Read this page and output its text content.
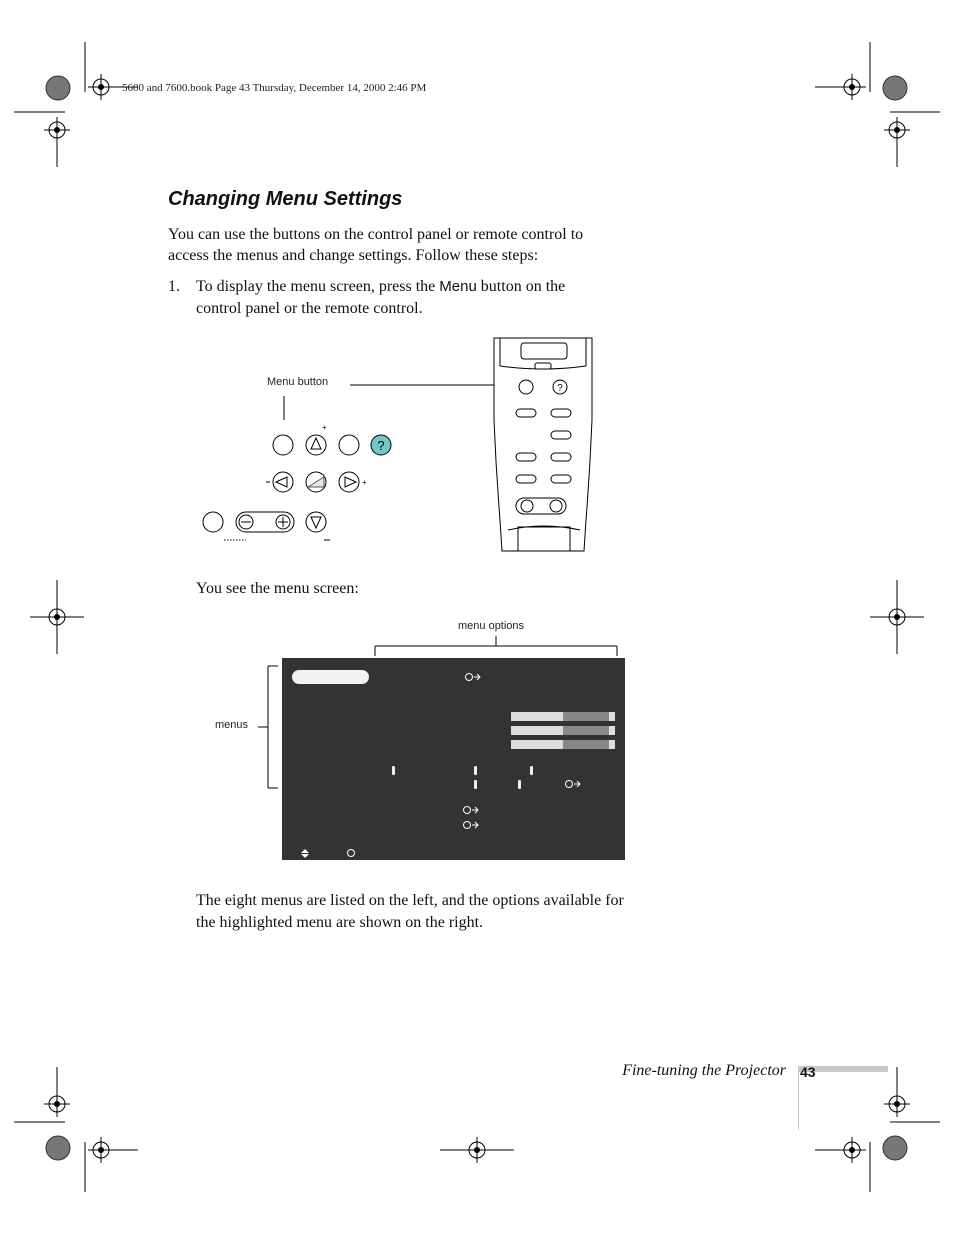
5600 and 7600.book Page 43 Thursday, December 14, 2000 2:46 PM
Changing Menu Settings
You can use the buttons on the control panel or remote control to access the menus and change settings. Follow these steps:
1. To display the menu screen, press the Menu button on the control panel or the remote control.
Menu button
+
+
?
?
You see the menu screen:
menu options
menus
The eight menus are listed on the left, and the options available for the highlighted menu are shown on the right.
Fine-tuning the Projector 43
